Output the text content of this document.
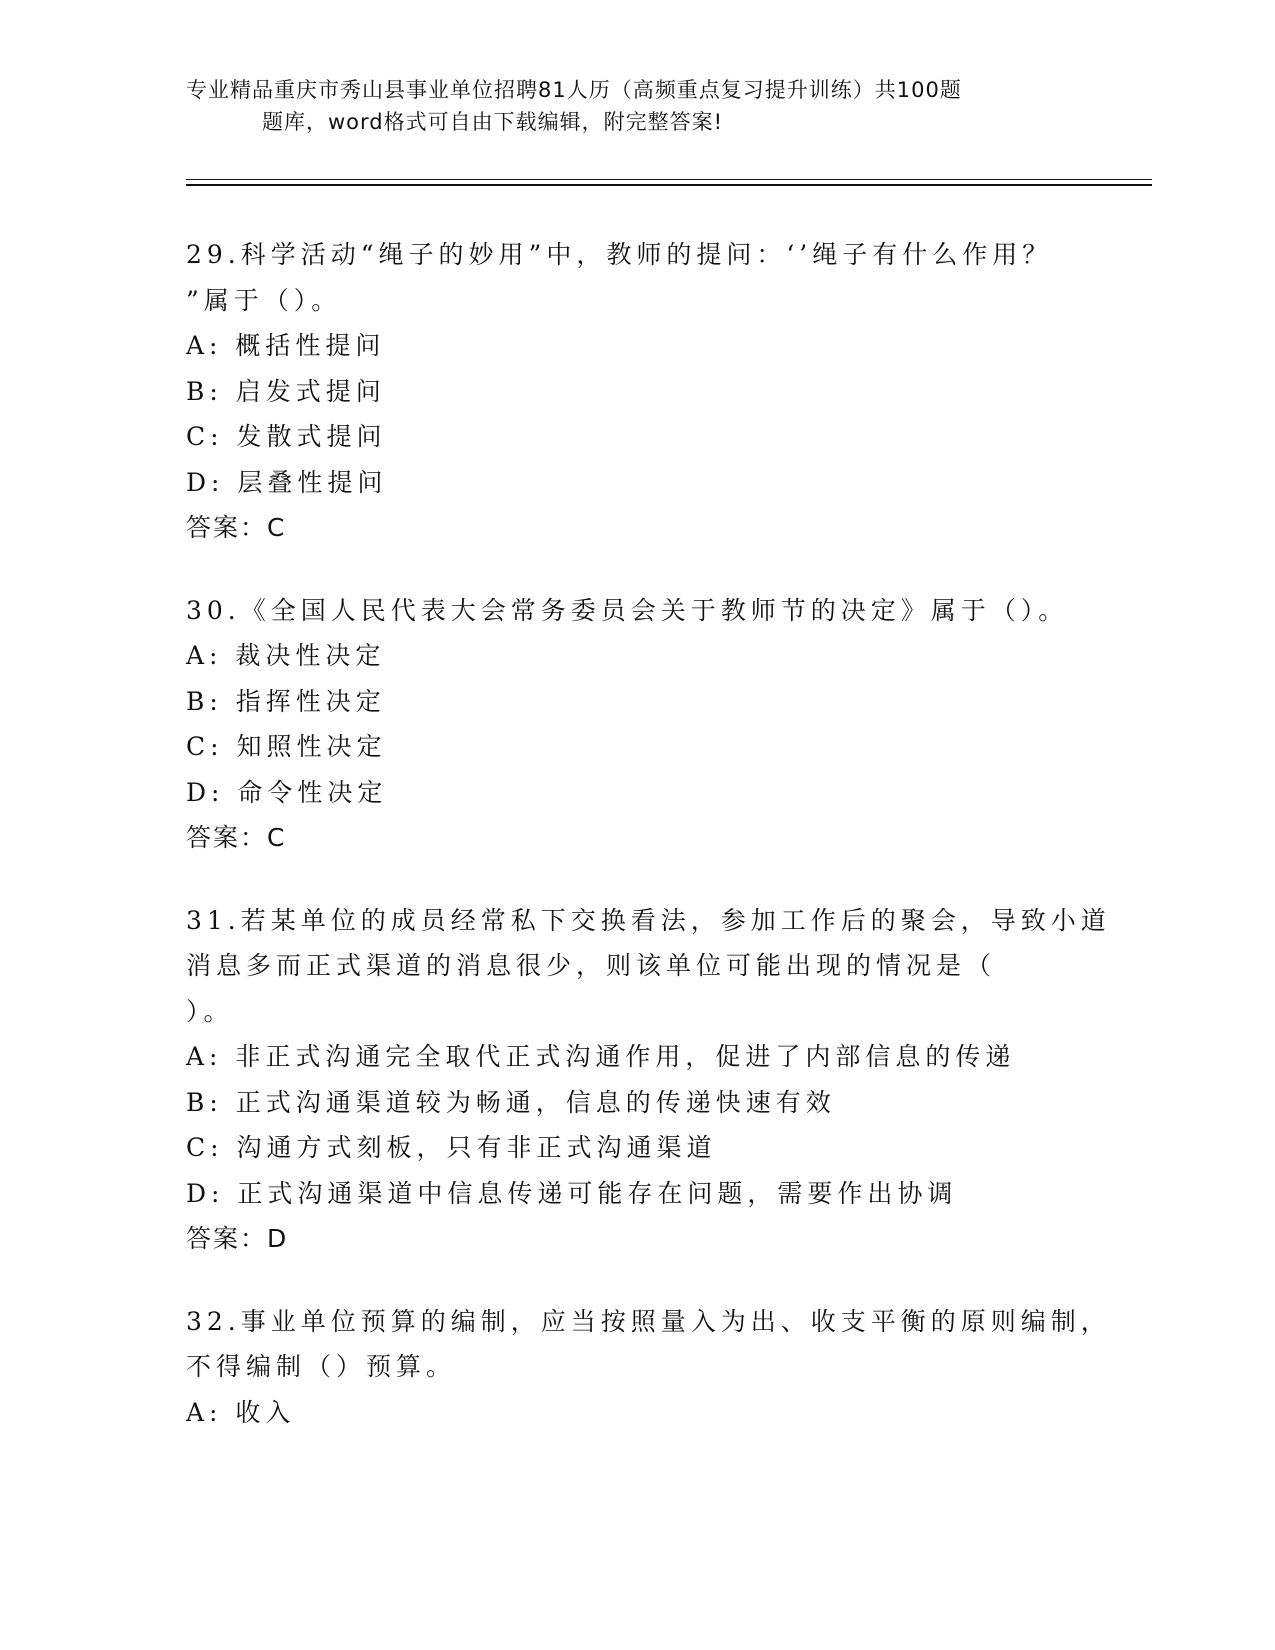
专业精品重庆市秀山县事业单位招聘81人历（高频重点复习提升训练）共100题
题库，word格式可自由下载编辑，附完整答案!
29.科学活动“绳子的妙用”中，教师的提问：‘’绳子有什么作用？
”属于（）。
A: 概括性提问
B: 启发式提问
C: 发散式提问
D: 层叠性提问
答案：C
30.《全国人民代表大会常务委员会关于教师节的决定》属于（）。
A: 裁决性决定
B: 指挥性决定
C: 知照性决定
D: 命令性决定
答案：C
31.若某单位的成员经常私下交换看法，参加工作后的聚会，导致小道
消息多而正式渠道的消息很少，则该单位可能出现的情况是（
）。
A: 非正式沟通完全取代正式沟通作用，促进了内部信息的传递
B: 正式沟通渠道较为畅通，信息的传递快速有效
C: 沟通方式刻板，只有非正式沟通渠道
D: 正式沟通渠道中信息传递可能存在问题，需要作出协调
答案：D
32.事业单位预算的编制，应当按照量入为出、收支平衡的原则编制，
不得编制（）预算。
A: 收入
